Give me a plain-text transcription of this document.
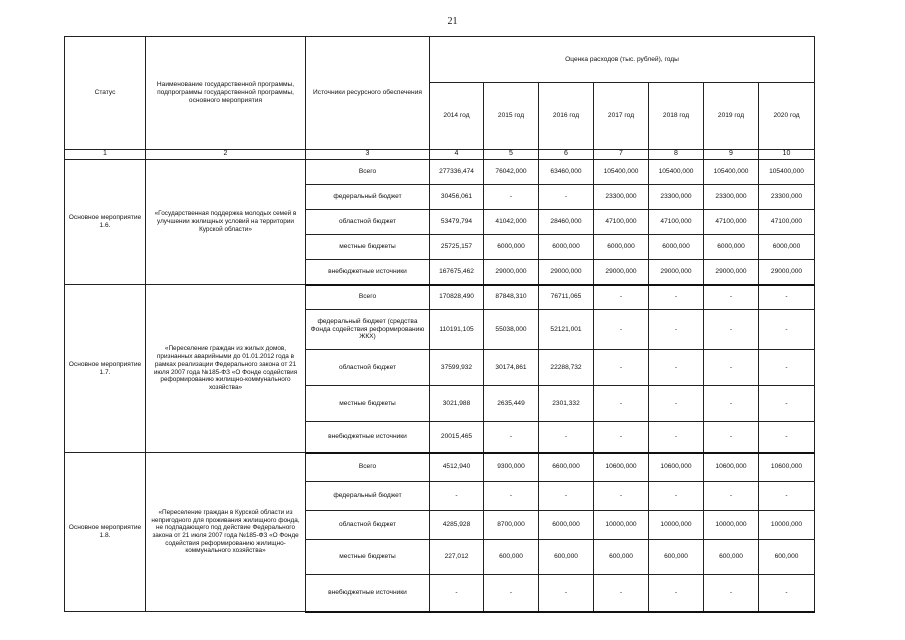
21
Статус	Наименование государственной программы, подпрограммы государственной программы, основного мероприятия	Источники ресурсного обеспечения	Оценка расходов (тыс. рублей), годы						
			2014 год	2015 год	2016 год	2017 год	2018 год	2019 год	2020 год
1	2	3	4	5	6	7	8	9	10
Основное мероприятие 1.6.	«Государственная поддержка молодых семей в улучшении жилищных условий на территории Курской области»	Всего	277336,474	76042,000	63460,000	105400,000	105400,000	105400,000	105400,000
		федеральный бюджет	30456,061	-	-	23300,000	23300,000	23300,000	23300,000
		областной бюджет	53479,794	41042,000	28460,000	47100,000	47100,000	47100,000	47100,000
		местные бюджеты	25725,157	6000,000	6000,000	6000,000	6000,000	6000,000	6000,000
		внебюджетные источники	167675,462	29000,000	29000,000	29000,000	29000,000	29000,000	29000,000
Основное мероприятие 1.7.	«Переселение граждан из жилых домов, признанных аварийными до 01.01.2012 года в рамках реализации Федерального закона от 21 июля 2007 года №185-ФЗ «О Фонде содействия реформированию жилищно-коммунального хозяйства»	Всего	170828,490	87848,310	76711,065	-	-	-	-
		федеральный бюджет (средства Фонда содействия реформированию ЖКХ)	110191,105	55038,000	52121,001	-	-	-	-
		областной бюджет	37599,932	30174,861	22288,732	-	-	-	-
		местные бюджеты	3021,988	2635,449	2301,332	-	-	-	-
		внебюджетные источники	20015,465	-	-	-	-	-	-
Основное мероприятие 1.8.	«Переселение граждан в Курской области из непригодного для проживания жилищного фонда, не подпадающего под действие Федерального закона от 21 июля 2007 года №185-ФЗ «О Фонде содействия реформированию жилищно-коммунального хозяйства»	Всего	4512,940	9300,000	6600,000	10600,000	10600,000	10600,000	10600,000
		федеральный бюджет	-	-	-	-	-	-	-
		областной бюджет	4285,928	8700,000	6000,000	10000,000	10000,000	10000,000	10000,000
		местные бюджеты	227,012	600,000	600,000	600,000	600,000	600,000	600,000
		внебюджетные источники	-	-	-	-	-	-	-
